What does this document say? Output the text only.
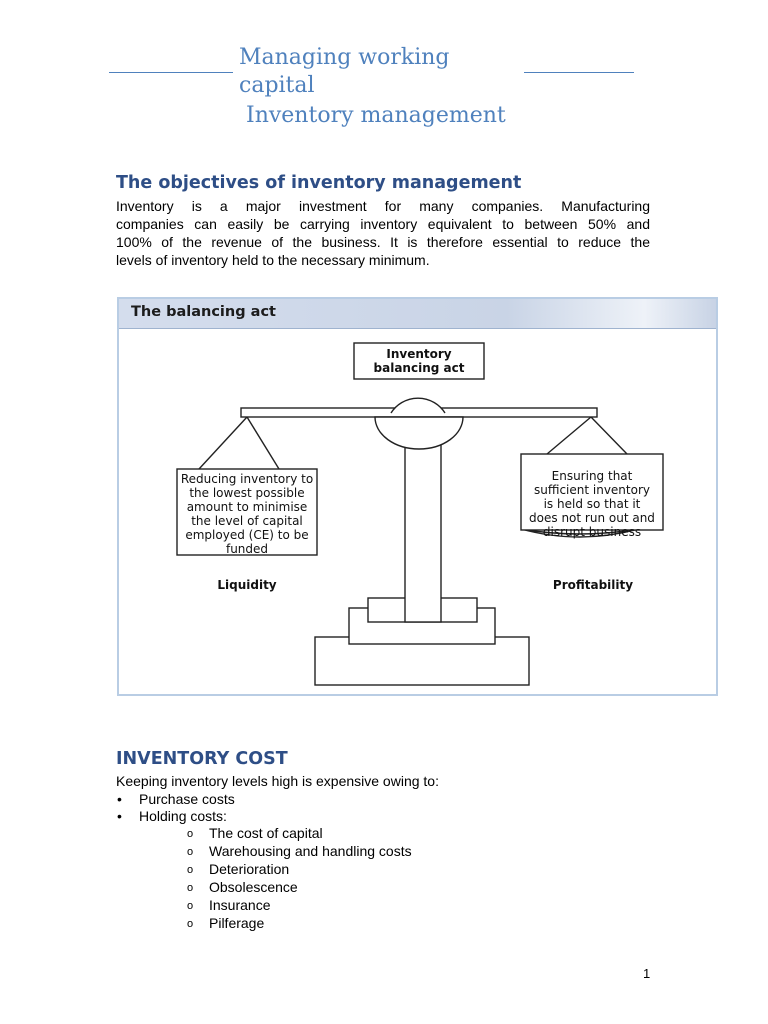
Managing working
capital
Inventory management
The objectives of inventory management
Inventory is a major investment for many companies. Manufacturing
companies can easily be carrying inventory equivalent to between 50% and
100% of the revenue of the business. It is therefore essential to reduce the
levels of inventory held to the necessary minimum.
The balancing act
Inventory
balancing act
Reducing inventory to
the lowest possible
amount to minimise
the level of capital
employed (CE) to be
funded
Ensuring that
sufficient inventory
is held so that it
does not run out and
disrupt business
Liquidity	Profitability
INVENTORY COST
Keeping inventory levels high is expensive owing to:
• Purchase costs
• Holding costs:
o The cost of capital
o Warehousing and handling costs
o Deterioration
o Obsolescence
o Insurance
o Pilferage
1
